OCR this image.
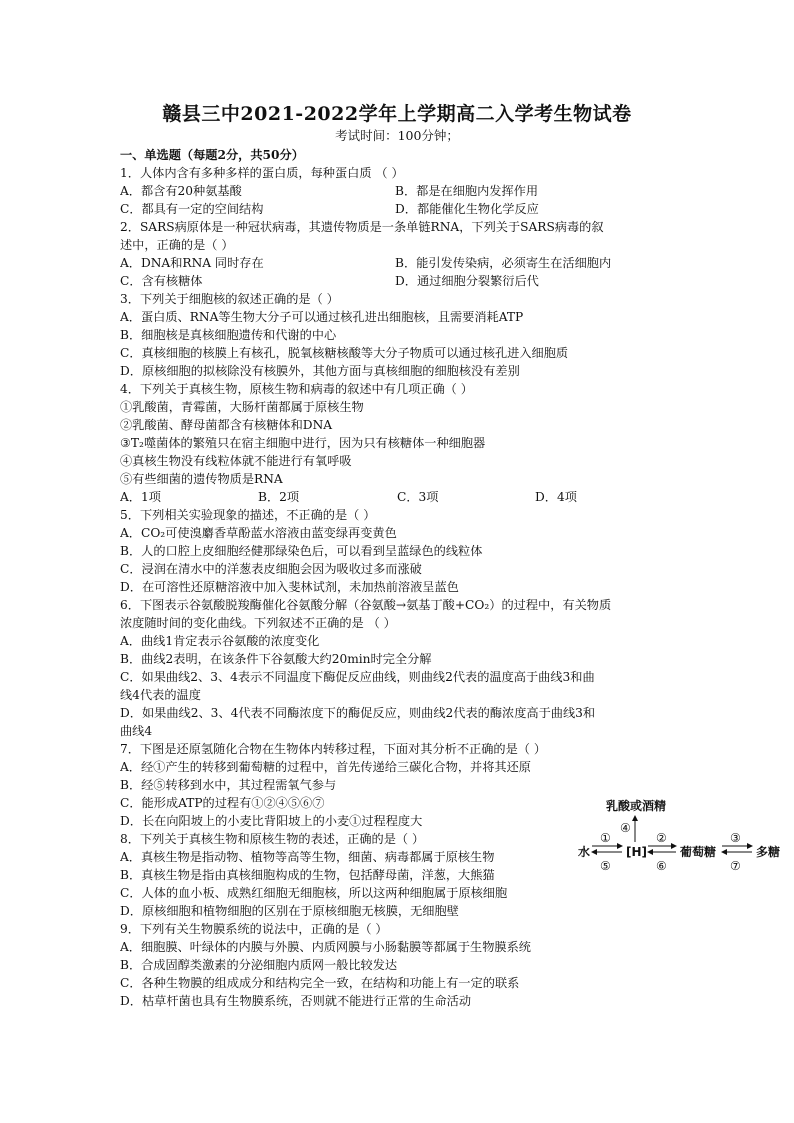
赣县三中2021-2022学年上学期高二入学考生物试卷
考试时间：100分钟；
一、单选题（每题2分，共50分）
1．人体内含有多种多样的蛋白质，每种蛋白质 （ ）
A．都含有20种氨基酸	B．都是在细胞内发挥作用
C．都具有一定的空间结构	D．都能催化生物化学反应
2．SARS病原体是一种冠状病毒，其遗传物质是一条单链RNA，下列关于SARS病毒的叙
述中，正确的是（ ）
A．DNA和RNA 同时存在	B．能引发传染病，必须寄生在活细胞内
C．含有核糖体	D．通过细胞分裂繁衍后代
3．下列关于细胞核的叙述正确的是（ ）
A．蛋白质、RNA等生物大分子可以通过核孔进出细胞核，且需要消耗ATP
B．细胞核是真核细胞遗传和代谢的中心
C．真核细胞的核膜上有核孔，脱氧核糖核酸等大分子物质可以通过核孔进入细胞质
D．原核细胞的拟核除没有核膜外，其他方面与真核细胞的细胞核没有差别
4．下列关于真核生物，原核生物和病毒的叙述中有几项正确（ ）
①乳酸菌，青霉菌，大肠杆菌都属于原核生物
②乳酸菌、酵母菌都含有核糖体和DNA
③T₂噬菌体的繁殖只在宿主细胞中进行，因为只有核糖体一种细胞器
④真核生物没有线粒体就不能进行有氧呼吸
⑤有些细菌的遗传物质是RNA
A．1项	B．2项	C．3项	D．4项
5．下列相关实验现象的描述，不正确的是（ ）
A．CO₂可使溴麝香草酚蓝水溶液由蓝变绿再变黄色
B．人的口腔上皮细胞经健那绿染色后，可以看到呈蓝绿色的线粒体
C．浸润在清水中的洋葱表皮细胞会因为吸收过多而涨破
D．在可溶性还原糖溶液中加入斐林试剂，未加热前溶液呈蓝色
6．下图表示谷氨酸脱羧酶催化谷氨酸分解（谷氨酸→氨基丁酸+CO₂）的过程中，有关物质
浓度随时间的变化曲线。下列叙述不正确的是 （ ）
A．曲线1肯定表示谷氨酸的浓度变化
B．曲线2表明，在该条件下谷氨酸大约20min时完全分解
C．如果曲线2、3、4表示不同温度下酶促反应曲线，则曲线2代表的温度高于曲线3和曲
线4代表的温度
D．如果曲线2、3、4代表不同酶浓度下的酶促反应，则曲线2代表的酶浓度高于曲线3和
曲线4
7．下图是还原氢随化合物在生物体内转移过程，下面对其分析不正确的是（ ）
A．经①产生的转移到葡萄糖的过程中，首先传递给三碳化合物，并将其还原
B．经⑤转移到水中，其过程需氧气参与
C．能形成ATP的过程有①②④⑤⑥⑦
D．长在向阳坡上的小麦比背阳坡上的小麦①过程程度大
8．下列关于真核生物和原核生物的表述，正确的是（ ）
A．真核生物是指动物、植物等高等生物，细菌、病毒都属于原核生物
B．真核生物是指由真核细胞构成的生物，包括酵母菌，洋葱，大熊猫
C．人体的血小板、成熟红细胞无细胞核，所以这两种细胞属于原核细胞
D．原核细胞和植物细胞的区别在于原核细胞无核膜，无细胞壁
9．下列有关生物膜系统的说法中，正确的是（ ）
A．细胞膜、叶绿体的内膜与外膜、内质网膜与小肠黏膜等都属于生物膜系统
B．合成固醇类激素的分泌细胞内质网一般比较发达
C．各种生物膜的组成成分和结构完全一致，在结构和功能上有一定的联系
D．枯草杆菌也具有生物膜系统，否则就不能进行正常的生命活动
乳酸或酒精
水	[H]	葡萄糖	多糖
④
①
⑤
②
⑥
③
⑦
